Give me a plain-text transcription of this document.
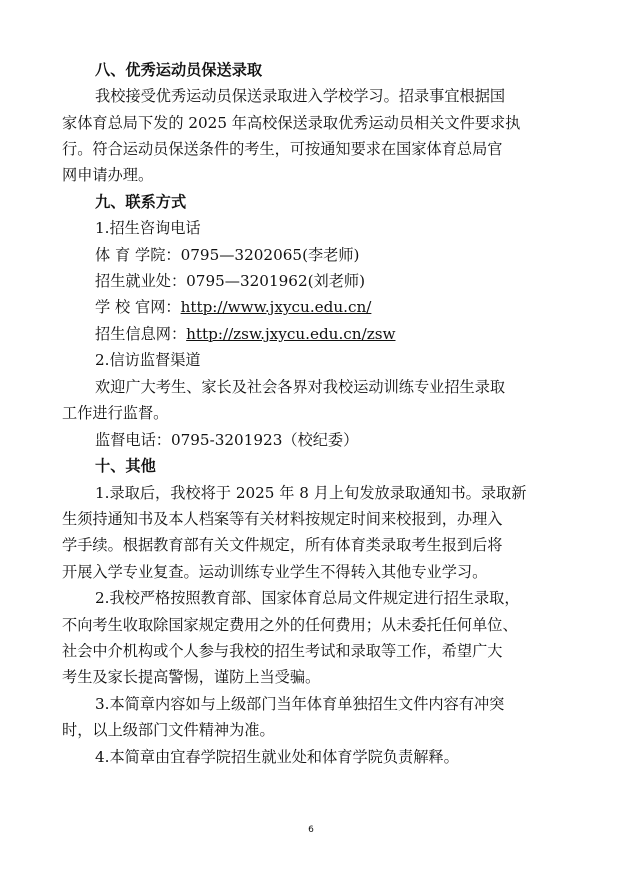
八、优秀运动员保送录取
我校接受优秀运动员保送录取进入学校学习。招录事宜根据国
家体育总局下发的 2025 年高校保送录取优秀运动员相关文件要求执
行。符合运动员保送条件的考生，可按通知要求在国家体育总局官
网申请办理。
九、联系方式
1.招生咨询电话
体 育 学院：0795—3202065(李老师)
招生就业处：0795—3201962(刘老师)
学 校 官网：http://www.jxycu.edu.cn/
招生信息网：http://zsw.jxycu.edu.cn/zsw
2.信访监督渠道
欢迎广大考生、家长及社会各界对我校运动训练专业招生录取
工作进行监督。
监督电话：0795-3201923（校纪委）
十、其他
1.录取后，我校将于 2025 年 8 月上旬发放录取通知书。录取新
生须持通知书及本人档案等有关材料按规定时间来校报到，办理入
学手续。根据教育部有关文件规定，所有体育类录取考生报到后将
开展入学专业复查。运动训练专业学生不得转入其他专业学习。
2.我校严格按照教育部、国家体育总局文件规定进行招生录取，
不向考生收取除国家规定费用之外的任何费用；从未委托任何单位、
社会中介机构或个人参与我校的招生考试和录取等工作，希望广大
考生及家长提高警惕，谨防上当受骗。
3.本简章内容如与上级部门当年体育单独招生文件内容有冲突
时，以上级部门文件精神为准。
4.本简章由宜春学院招生就业处和体育学院负责解释。
6
